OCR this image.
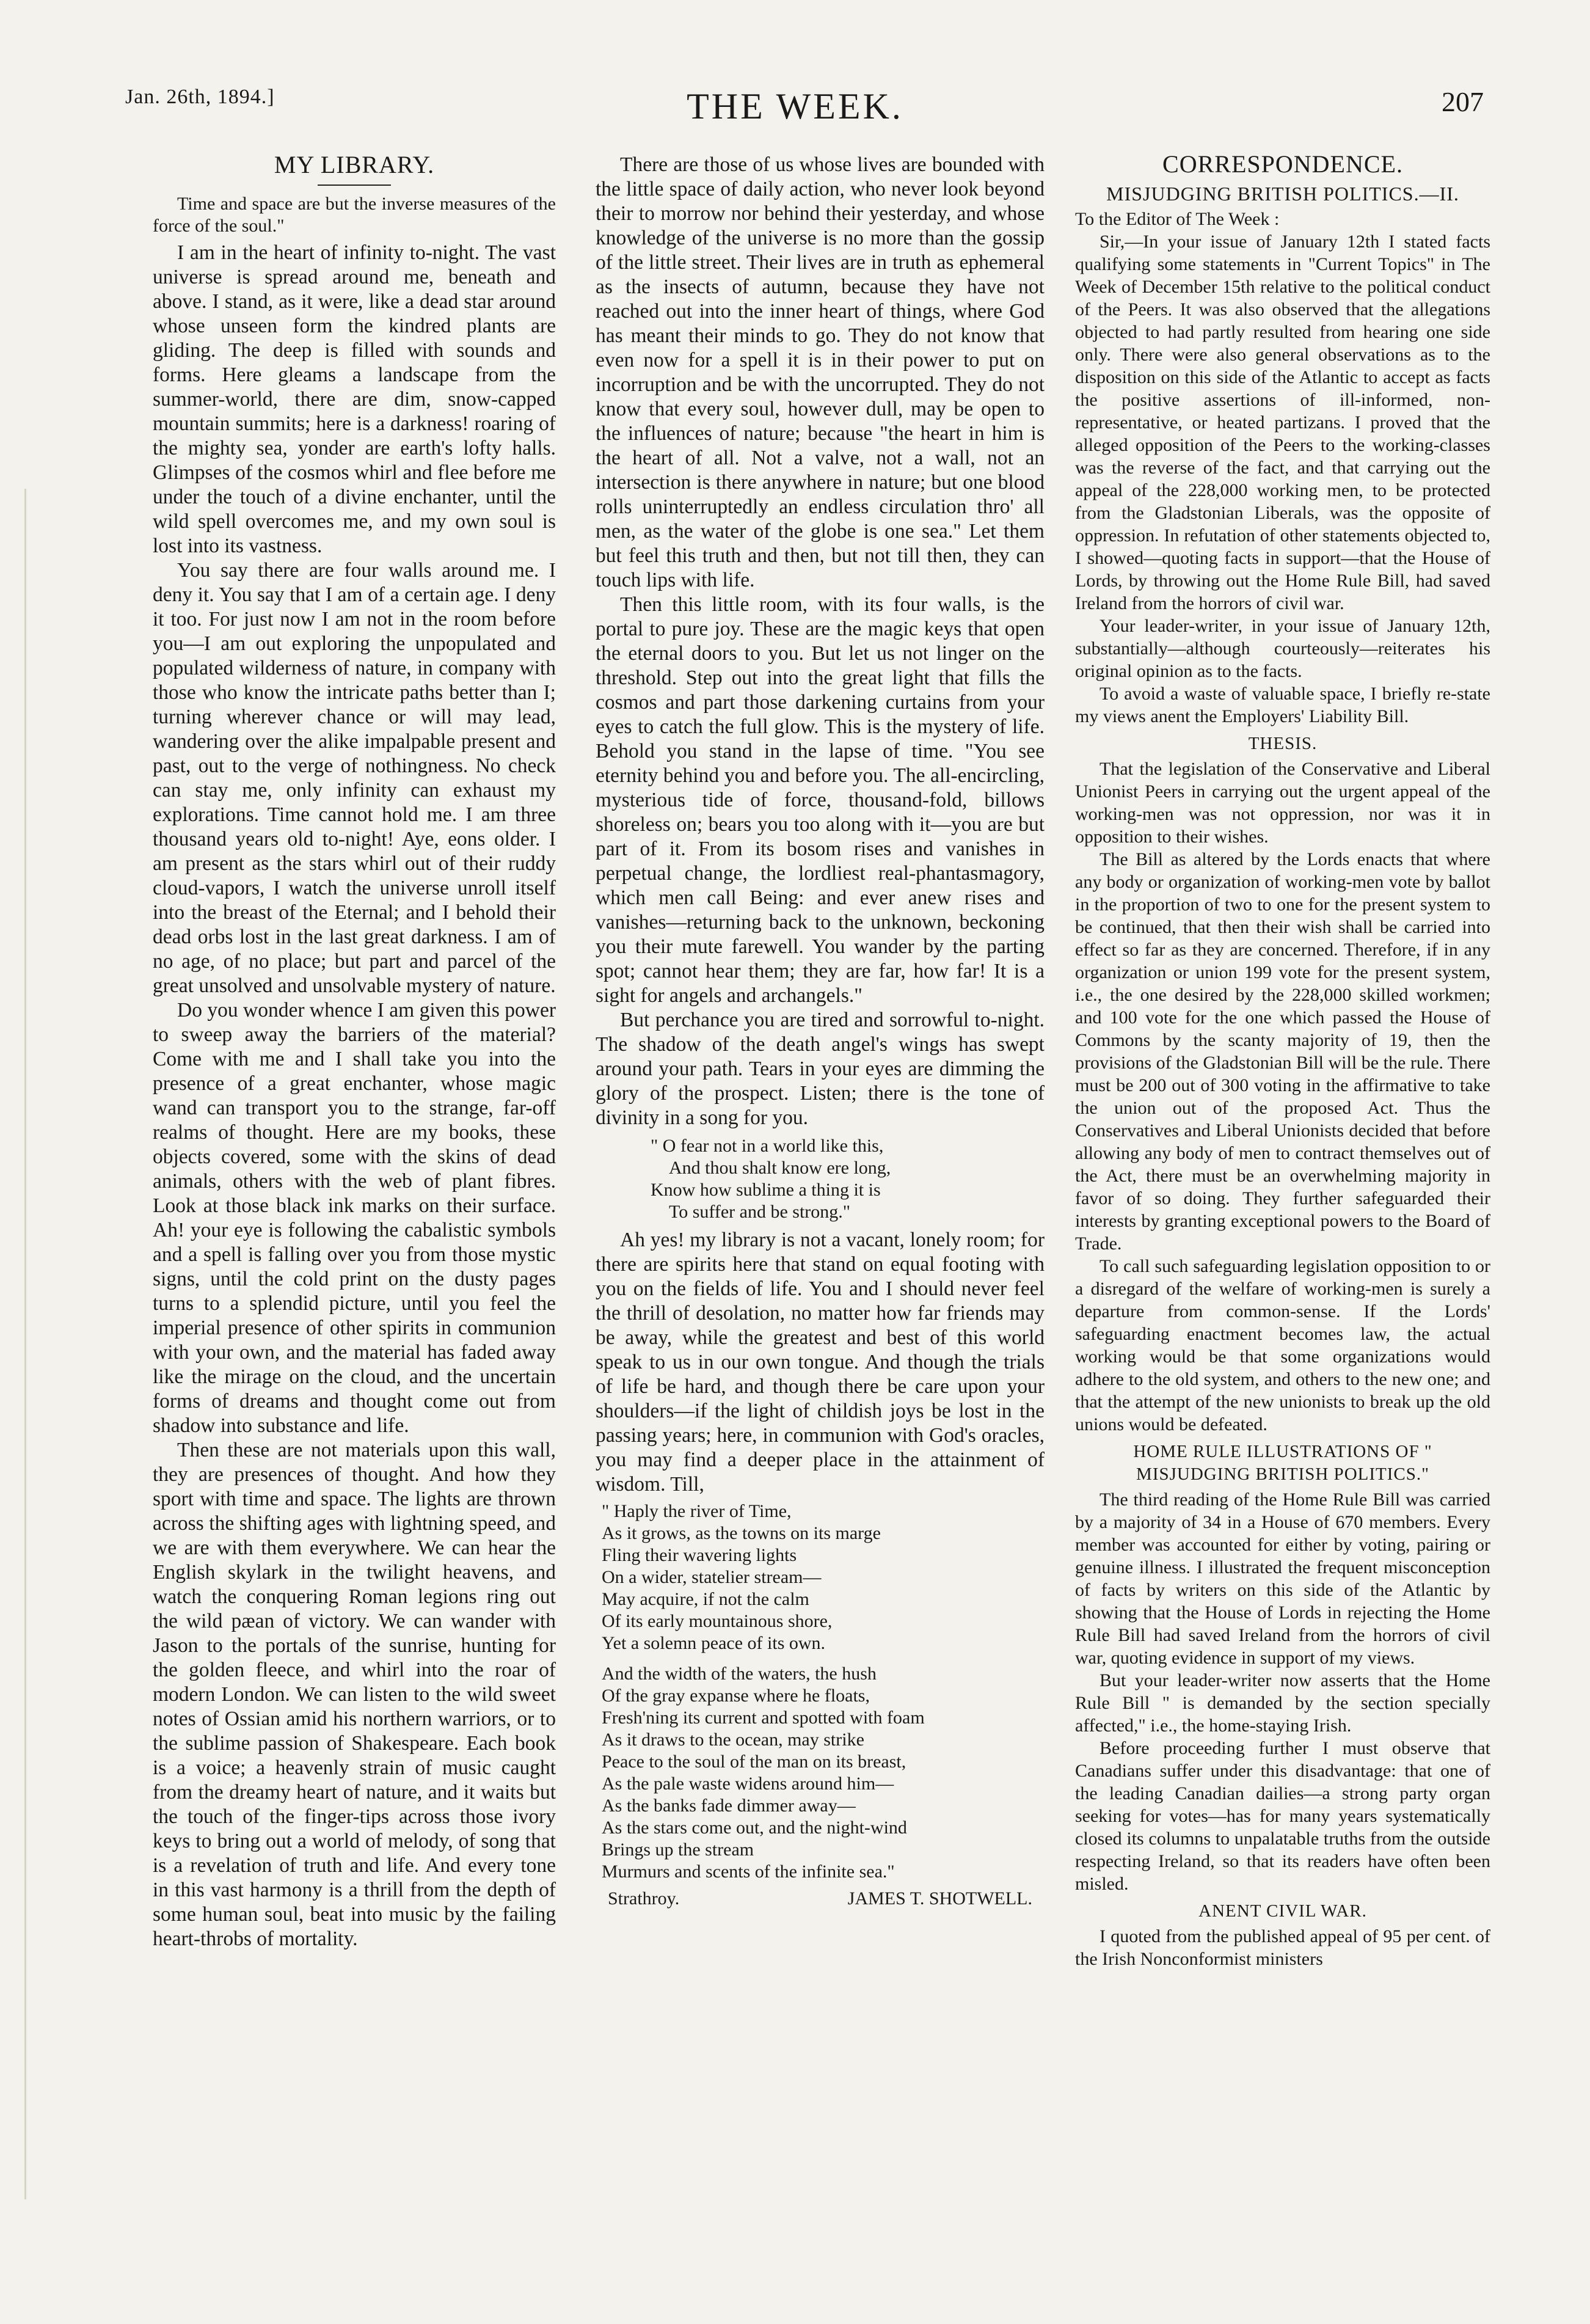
Jan. 26th, 1894.]	THE WEEK.	207
MY LIBRARY.
Time and space are but the inverse measures of the force of the soul."

I am in the heart of infinity to-night. The vast universe is spread around me, beneath and above. I stand, as it were, like a dead star around whose unseen form the kindred plants are gliding. The deep is filled with sounds and forms. Here gleams a landscape from the summer-world, there are dim, snow-capped mountain summits; here is a darkness! roaring of the mighty sea, yonder are earth's lofty halls. Glimpses of the cosmos whirl and flee before me under the touch of a divine enchanter, until the wild spell overcomes me, and my own soul is lost into its vastness.

You say there are four walls around me. I deny it. You say that I am of a certain age. I deny it too. For just now I am not in the room before you—I am out exploring the unpopulated and populated wilderness of nature, in company with those who know the intricate paths better than I; turning wherever chance or will may lead, wandering over the alike impalpable present and past, out to the verge of nothingness. No check can stay me, only infinity can exhaust my explorations. Time cannot hold me. I am three thousand years old to-night! Aye, eons older. I am present as the stars whirl out of their ruddy cloud-vapors, I watch the universe unroll itself into the breast of the Eternal; and I behold their dead orbs lost in the last great darkness. I am of no age, of no place; but part and parcel of the great unsolved and unsolvable mystery of nature.

Do you wonder whence I am given this power to sweep away the barriers of the material? Come with me and I shall take you into the presence of a great enchanter, whose magic wand can transport you to the strange, far-off realms of thought. Here are my books, these objects covered, some with the skins of dead animals, others with the web of plant fibres. Look at those black ink marks on their surface. Ah! your eye is following the cabalistic symbols and a spell is falling over you from those mystic signs, until the cold print on the dusty pages turns to a splendid picture, until you feel the imperial presence of other spirits in communion with your own, and the material has faded away like the mirage on the cloud, and the uncertain forms of dreams and thought come out from shadow into substance and life.

Then these are not materials upon this wall, they are presences of thought. And how they sport with time and space. The lights are thrown across the shifting ages with lightning speed, and we are with them everywhere. We can hear the English skylark in the twilight heavens, and watch the conquering Roman legions ring out the wild pæan of victory. We can wander with Jason to the portals of the sunrise, hunting for the golden fleece, and whirl into the roar of modern London. We can listen to the wild sweet notes of Ossian amid his northern warriors, or to the sublime passion of Shakespeare. Each book is a voice; a heavenly strain of music caught from the dreamy heart of nature, and it waits but the touch of the finger-tips across those ivory keys to bring out a world of melody, of song that is a revelation of truth and life. And every tone in this vast harmony is a thrill from the depth of some human soul, beat into music by the failing heart-throbs of mortality.

There are those of us whose lives are bounded with the little space of daily action, who never look beyond their to morrow nor behind their yesterday, and whose knowledge of the universe is no more than the gossip of the little street. Their lives are in truth as ephemeral as the insects of autumn, because they have not reached out into the inner heart of things, where God has meant their minds to go. They do not know that even now for a spell it is in their power to put on incorruption and be with the uncorrupted. They do not know that every soul, however dull, may be open to the influences of nature; because "the heart in him is the heart of all. Not a valve, not a wall, not an intersection is there anywhere in nature; but one blood rolls uninterruptedly an endless circulation thro' all men, as the water of the globe is one sea." Let them but feel this truth and then, but not till then, they can touch lips with life.

Then this little room, with its four walls, is the portal to pure joy. These are the magic keys that open the eternal doors to you. But let us not linger on the threshold. Step out into the great light that fills the cosmos and part those darkening curtains from your eyes to catch the full glow. This is the mystery of life. Behold you stand in the lapse of time. "You see eternity behind you and before you. The all-encircling, mysterious tide of force, thousand-fold, billows shoreless on; bears you too along with it—you are but part of it. From its bosom rises and vanishes in perpetual change, the lordliest real-phantasmagory, which men call Being: and ever anew rises and vanishes—returning back to the unknown, beckoning you their mute farewell. You wander by the parting spot; cannot hear them; they are far, how far! It is a sight for angels and archangels."

But perchance you are tired and sorrowful to-night. The shadow of the death angel's wings has swept around your path. Tears in your eyes are dimming the glory of the prospect. Listen; there is the tone of divinity in a song for you.

" O fear not in a world like this,
And thou shalt know ere long,
Know how sublime a thing it is
To suffer and be strong."

Ah yes! my library is not a vacant, lonely room; for there are spirits here that stand on equal footing with you on the fields of life. You and I should never feel the thrill of desolation, no matter how far friends may be away, while the greatest and best of this world speak to us in our own tongue. And though the trials of life be hard, and though there be care upon your shoulders—if the light of childish joys be lost in the passing years; here, in communion with God's oracles, you may find a deeper place in the attainment of wisdom. Till,

" Haply the river of Time,
As it grows, as the towns on its marge
Fling their wavering lights
On a wider, statelier stream—
May acquire, if not the calm
Of its early mountainous shore,
Yet a solemn peace of its own.
And the width of the waters, the hush
Of the gray expanse where he floats,
Fresh'ning its current and spotted with foam
As it draws to the ocean, may strike
Peace to the soul of the man on its breast,
As the pale waste widens around him—
As the banks fade dimmer away—
As the stars come out, and the night-wind
Brings up the stream
Murmurs and scents of the infinite sea."
Strathroy.	JAMES T. SHOTWELL.
CORRESPONDENCE.
MISJUDGING BRITISH POLITICS.—II.

To the Editor of The Week :

Sir,—In your issue of January 12th I stated facts qualifying some statements in "Current Topics" in The Week of December 15th relative to the political conduct of the Peers. It was also observed that the allegations objected to had partly resulted from hearing one side only. There were also general observations as to the disposition on this side of the Atlantic to accept as facts the positive assertions of ill-informed, non-representative, or heated partizans. I proved that the alleged opposition of the Peers to the working-classes was the reverse of the fact, and that carrying out the appeal of the 228,000 working men, to be protected from the Gladstonian Liberals, was the opposite of oppression. In refutation of other statements objected to, I showed—quoting facts in support—that the House of Lords, by throwing out the Home Rule Bill, had saved Ireland from the horrors of civil war.

Your leader-writer, in your issue of January 12th, substantially—although courteously—reiterates his original opinion as to the facts.

To avoid a waste of valuable space, I briefly re-state my views anent the Employers' Liability Bill.

THESIS.

That the legislation of the Conservative and Liberal Unionist Peers in carrying out the urgent appeal of the working-men was not oppression, nor was it in opposition to their wishes.

The Bill as altered by the Lords enacts that where any body or organization of working-men vote by ballot in the proportion of two to one for the present system to be continued, that then their wish shall be carried into effect so far as they are concerned. Therefore, if in any organization or union 199 vote for the present system, i.e., the one desired by the 228,000 skilled workmen; and 100 vote for the one which passed the House of Commons by the scanty majority of 19, then the provisions of the Gladstonian Bill will be the rule. There must be 200 out of 300 voting in the affirmative to take the union out of the proposed Act. Thus the Conservatives and Liberal Unionists decided that before allowing any body of men to contract themselves out of the Act, there must be an overwhelming majority in favor of so doing. They further safeguarded their interests by granting exceptional powers to the Board of Trade.

To call such safeguarding legislation opposition to or a disregard of the welfare of working-men is surely a departure from common-sense. If the Lords' safeguarding enactment becomes law, the actual working would be that some organizations would adhere to the old system, and others to the new one; and that the attempt of the new unionists to break up the old unions would be defeated.

HOME RULE ILLUSTRATIONS OF " MISJUDGING BRITISH POLITICS."

The third reading of the Home Rule Bill was carried by a majority of 34 in a House of 670 members. Every member was accounted for either by voting, pairing or genuine illness. I illustrated the frequent misconception of facts by writers on this side of the Atlantic by showing that the House of Lords in rejecting the Home Rule Bill had saved Ireland from the horrors of civil war, quoting evidence in support of my views.

But your leader-writer now asserts that the Home Rule Bill " is demanded by the section specially affected," i.e., the home-staying Irish.

Before proceeding further I must observe that Canadians suffer under this disadvantage: that one of the leading Canadian dailies—a strong party organ seeking for votes—has for many years systematically closed its columns to unpalatable truths from the outside respecting Ireland, so that its readers have often been misled.

ANENT CIVIL WAR.

I quoted from the published appeal of 95 per cent. of the Irish Nonconformist ministers
